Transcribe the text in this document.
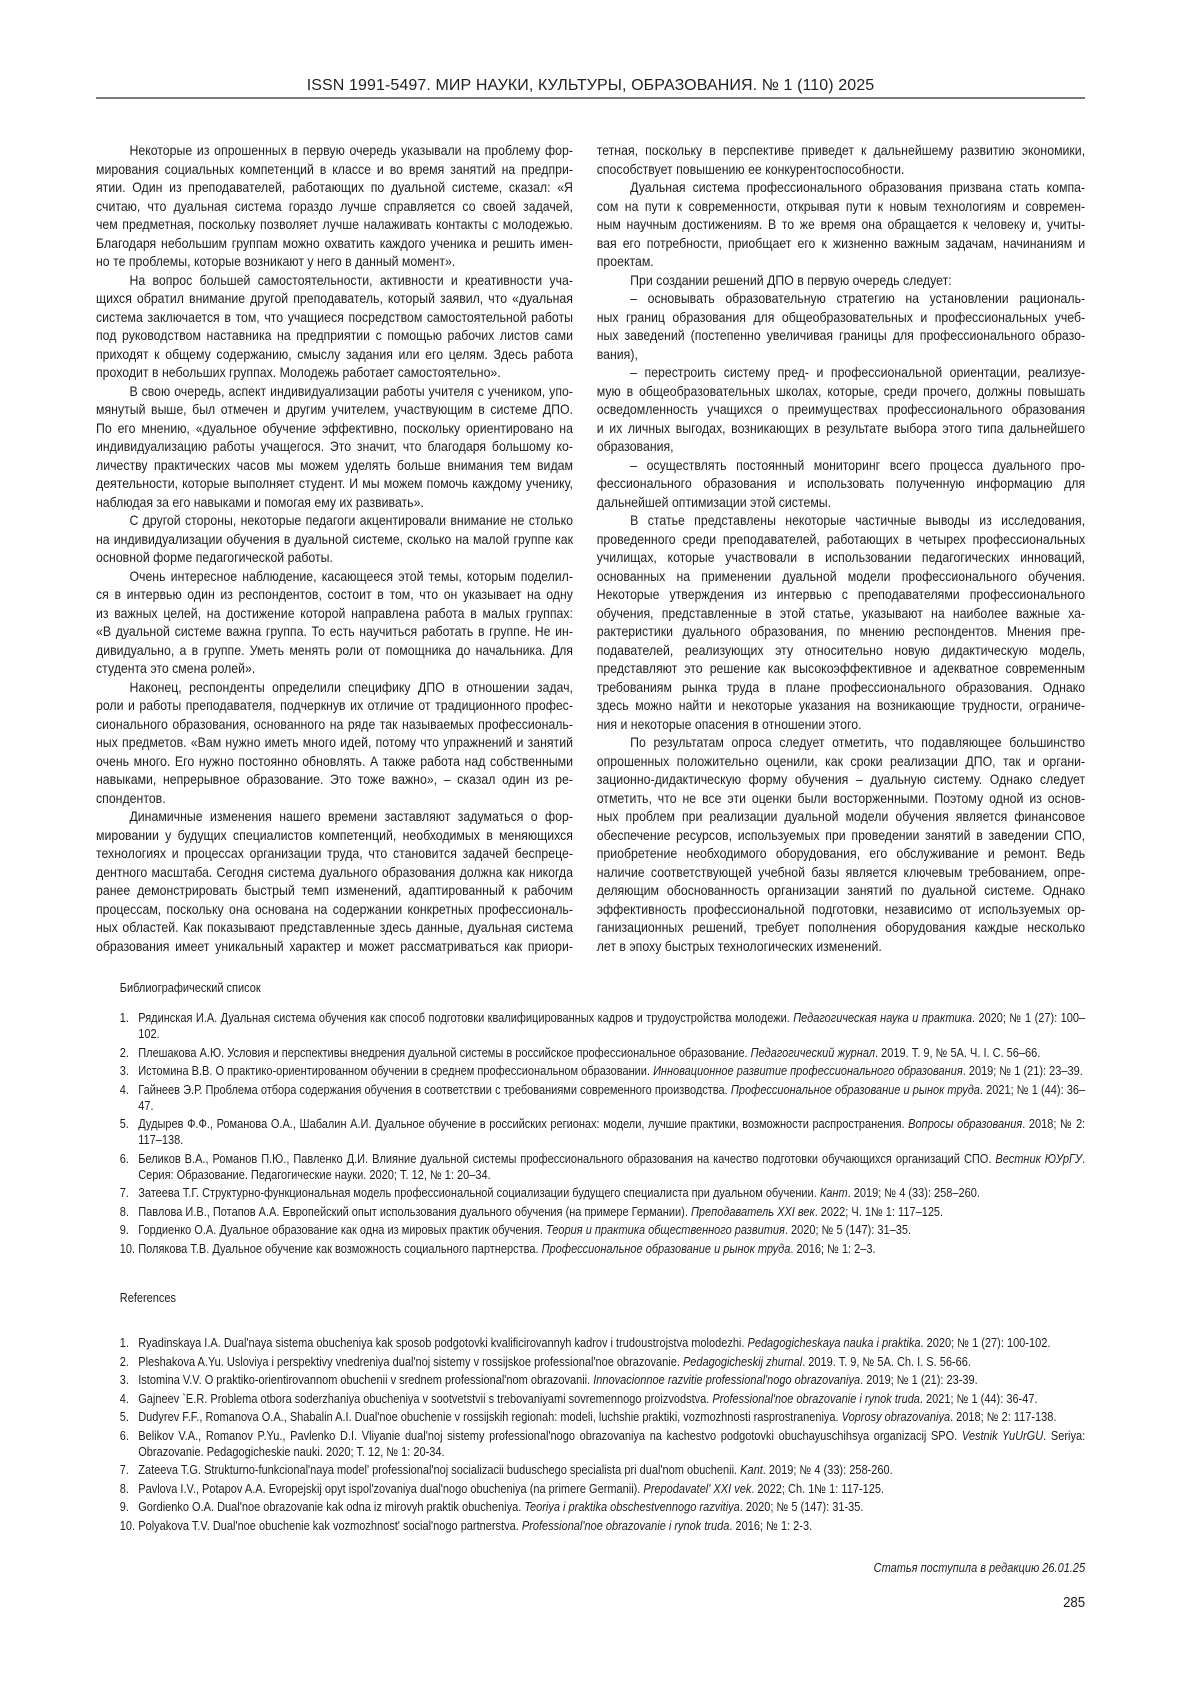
ISSN 1991-5497. МИР НАУКИ, КУЛЬТУРЫ, ОБРАЗОВАНИЯ. № 1 (110) 2025
Некоторые из опрошенных в первую очередь указывали на проблему фор-
мирования социальных компетенций в классе и во время занятий на предпри-
ятии. Один из преподавателей, работающих по дуальной системе, сказал: «Я
считаю, что дуальная система гораздо лучше справляется со своей задачей,
чем предметная, поскольку позволяет лучше налаживать контакты с молодежью.
Благодаря небольшим группам можно охватить каждого ученика и решить имен-
но те проблемы, которые возникают у него в данный момент».
На вопрос большей самостоятельности, активности и креативности уча-
щихся обратил внимание другой преподаватель, который заявил, что «дуальная
система заключается в том, что учащиеся посредством самостоятельной работы
под руководством наставника на предприятии с помощью рабочих листов сами
приходят к общему содержанию, смыслу задания или его целям. Здесь работа
проходит в небольших группах. Молодежь работает самостоятельно».
В свою очередь, аспект индивидуализации работы учителя с учеником, упо-
мянутый выше, был отмечен и другим учителем, участвующим в системе ДПО.
По его мнению, «дуальное обучение эффективно, поскольку ориентировано на
индивидуализацию работы учащегося. Это значит, что благодаря большому ко-
личеству практических часов мы можем уделять больше внимания тем видам
деятельности, которые выполняет студент. И мы можем помочь каждому ученику,
наблюдая за его навыками и помогая ему их развивать».
С другой стороны, некоторые педагоги акцентировали внимание не столько
на индивидуализации обучения в дуальной системе, сколько на малой группе как
основной форме педагогической работы.
Очень интересное наблюдение, касающееся этой темы, которым поделил-
ся в интервью один из респондентов, состоит в том, что он указывает на одну
из важных целей, на достижение которой направлена работа в малых группах:
«В дуальной системе важна группа. То есть научиться работать в группе. Не ин-
дивидуально, а в группе. Уметь менять роли от помощника до начальника. Для
студента это смена ролей».
Наконец, респонденты определили специфику ДПО в отношении задач,
роли и работы преподавателя, подчеркнув их отличие от традиционного профес-
сионального образования, основанного на ряде так называемых профессиональ-
ных предметов. «Вам нужно иметь много идей, потому что упражнений и занятий
очень много. Его нужно постоянно обновлять. А также работа над собственными
навыками, непрерывное образование. Это тоже важно», – сказал один из ре-
спондентов.
Динамичные изменения нашего времени заставляют задуматься о фор-
мировании у будущих специалистов компетенций, необходимых в меняющихся
технологиях и процессах организации труда, что становится задачей беспреце-
дентного масштаба. Сегодня система дуального образования должна как никогда
ранее демонстрировать быстрый темп изменений, адаптированный к рабочим
процессам, поскольку она основана на содержании конкретных профессиональ-
ных областей. Как показывают представленные здесь данные, дуальная система
образования имеет уникальный характер и может рассматриваться как приори-
тетная, поскольку в перспективе приведет к дальнейшему развитию экономики,
способствует повышению ее конкурентоспособности.
Дуальная система профессионального образования призвана стать компа-
сом на пути к современности, открывая пути к новым технологиям и современ-
ным научным достижениям. В то же время она обращается к человеку и, учиты-
вая его потребности, приобщает его к жизненно важным задачам, начинаниям и
проектам.
При создании решений ДПО в первую очередь следует:
– основывать образовательную стратегию на установлении рациональ-
ных границ образования для общеобразовательных и профессиональных учеб-
ных заведений (постепенно увеличивая границы для профессионального образо-
вания),
– перестроить систему пред- и профессиональной ориентации, реализуе-
мую в общеобразовательных школах, которые, среди прочего, должны повышать
осведомленность учащихся о преимуществах профессионального образования
и их личных выгодах, возникающих в результате выбора этого типа дальнейшего
образования,
– осуществлять постоянный мониторинг всего процесса дуального про-
фессионального образования и использовать полученную информацию для
дальнейшей оптимизации этой системы.
В статье представлены некоторые частичные выводы из исследования,
проведенного среди преподавателей, работающих в четырех профессиональных
училищах, которые участвовали в использовании педагогических инноваций,
основанных на применении дуальной модели профессионального обучения.
Некоторые утверждения из интервью с преподавателями профессионального
обучения, представленные в этой статье, указывают на наиболее важные ха-
рактеристики дуального образования, по мнению респондентов. Мнения пре-
подавателей, реализующих эту относительно новую дидактическую модель,
представляют это решение как высокоэффективное и адекватное современным
требованиям рынка труда в плане профессионального образования. Однако
здесь можно найти и некоторые указания на возникающие трудности, ограниче-
ния и некоторые опасения в отношении этого.
По результатам опроса следует отметить, что подавляющее большинство
опрошенных положительно оценили, как сроки реализации ДПО, так и органи-
зационно-дидактическую форму обучения – дуальную систему. Однако следует
отметить, что не все эти оценки были восторженными. Поэтому одной из основ-
ных проблем при реализации дуальной модели обучения является финансовое
обеспечение ресурсов, используемых при проведении занятий в заведении СПО,
приобретение необходимого оборудования, его обслуживание и ремонт. Ведь
наличие соответствующей учебной базы является ключевым требованием, опре-
деляющим обоснованность организации занятий по дуальной системе. Однако
эффективность профессиональной подготовки, независимо от используемых ор-
ганизационных решений, требует пополнения оборудования каждые несколько
лет в эпоху быстрых технологических изменений.
Библиографический список
1. Рядинская И.А. Дуальная система обучения как способ подготовки квалифицированных кадров и трудоустройства молодежи. Педагогическая наука и практика. 2020; № 1 (27): 100–102.
2. Плешакова А.Ю. Условия и перспективы внедрения дуальной системы в российское профессиональное образование. Педагогический журнал. 2019. Т. 9, № 5А. Ч. I. С. 56–66.
3. Истомина В.В. О практико-ориентированном обучении в среднем профессиональном образовании. Инновационное развитие профессионального образования. 2019; № 1 (21): 23–39.
4. Гайнеев Э.Р. Проблема отбора содержания обучения в соответствии с требованиями современного производства. Профессиональное образование и рынок труда. 2021; № 1 (44): 36–47.
5. Дудырев Ф.Ф., Романова О.А., Шабалин А.И. Дуальное обучение в российских регионах: модели, лучшие практики, возможности распространения. Вопросы образования. 2018; № 2: 117–138.
6. Беликов В.А., Романов П.Ю., Павленко Д.И. Влияние дуальной системы профессионального образования на качество подготовки обучающихся организаций СПО. Вестник ЮУрГУ. Серия: Образование. Педагогические науки. 2020; Т. 12, № 1: 20–34.
7. Затеева Т.Г. Структурно-функциональная модель профессиональной социализации будущего специалиста при дуальном обучении. Кант. 2019; № 4 (33): 258–260.
8. Павлова И.В., Потапов А.А. Европейский опыт использования дуального обучения (на примере Германии). Преподаватель XXI век. 2022; Ч. 1№ 1: 117–125.
9. Гордиенко О.А. Дуальное образование как одна из мировых практик обучения. Теория и практика общественного развития. 2020; № 5 (147): 31–35.
10. Полякова Т.В. Дуальное обучение как возможность социального партнерства. Профессиональное образование и рынок труда. 2016; № 1: 2–3.
References
1. Ryadinskaya I.A. Dual'naya sistema obucheniya kak sposob podgotovki kvalificirovannyh kadrov i trudoustrojstva molodezhi. Pedagogicheskaya nauka i praktika. 2020; № 1 (27): 100-102.
2. Pleshakova A.Yu. Usloviya i perspektivy vnedreniya dual'noj sistemy v rossijskoe professional'noe obrazovanie. Pedagogicheskij zhurnal. 2019. T. 9, № 5A. Ch. I. S. 56-66.
3. Istomina V.V. O praktiko-orientirovannom obuchenii v srednem professional'nom obrazovanii. Innovacionnoe razvitie professional'nogo obrazovaniya. 2019; № 1 (21): 23-39.
4. Gajneev `E.R. Problema otbora soderzhaniya obucheniya v sootvetstvii s trebovaniyami sovremennogo proizvodstva. Professional'noe obrazovanie i rynok truda. 2021; № 1 (44): 36-47.
5. Dudyrev F.F., Romanova O.A., Shabalin A.I. Dual'noe obuchenie v rossijskih regionah: modeli, luchshie praktiki, vozmozhnosti rasprostraneniya. Voprosy obrazovaniya. 2018; № 2: 117-138.
6. Belikov V.A., Romanov P.Yu., Pavlenko D.I. Vliyanie dual'noj sistemy professional'nogo obrazovaniya na kachestvo podgotovki obuchayuschihsya organizacij SPO. Vestnik YuUrGU. Seriya: Obrazovanie. Pedagogicheskie nauki. 2020; T. 12, № 1: 20-34.
7. Zateeva T.G. Strukturno-funkcional'naya model' professional'noj socializacii buduschego specialista pri dual'nom obuchenii. Kant. 2019; № 4 (33): 258-260.
8. Pavlova I.V., Potapov A.A. Evropejskij opyt ispol'zovaniya dual'nogo obucheniya (na primere Germanii). Prepodavatel' XXI vek. 2022; Ch. 1№ 1: 117-125.
9. Gordienko O.A. Dual'noe obrazovanie kak odna iz mirovyh praktik obucheniya. Teoriya i praktika obschestvennogo razvitiya. 2020; № 5 (147): 31-35.
10. Polyakova T.V. Dual'noe obuchenie kak vozmozhnost' social'nogo partnerstva. Professional'noe obrazovanie i rynok truda. 2016; № 1: 2-3.
Статья поступила в редакцию 26.01.25
285
